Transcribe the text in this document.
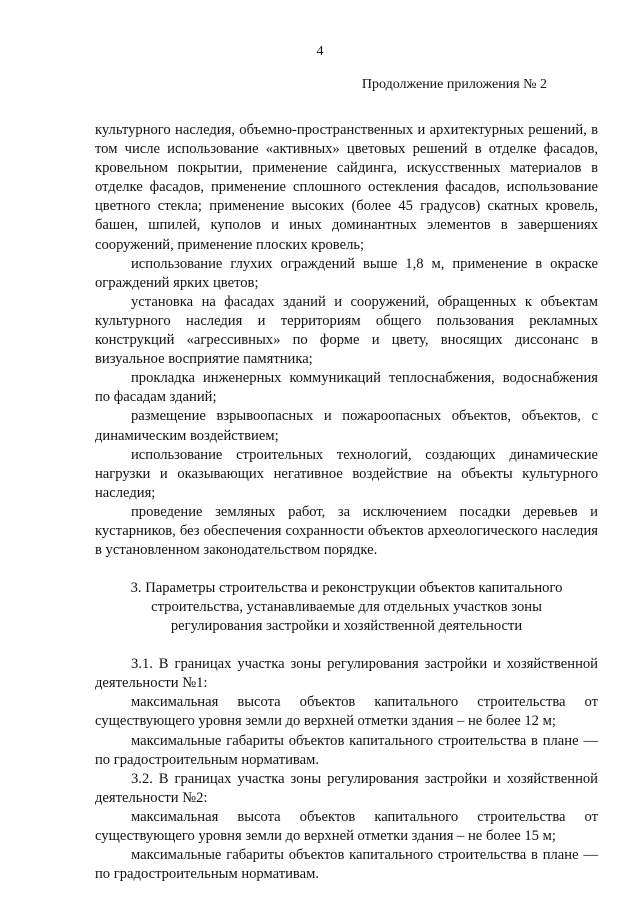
4
Продолжение приложения № 2

культурного наследия, объемно-пространственных и архитектурных решений, в том числе использование «активных» цветовых решений в отделке фасадов, кровельном покрытии, применение сайдинга, искусственных материалов в отделке фасадов, применение сплошного остекления фасадов, использование цветного стекла; применение высоких (более 45 градусов) скатных кровель, башен, шпилей, куполов и иных доминантных элементов в завершениях сооружений, применение плоских кровель;

использование глухих ограждений выше 1,8 м, применение в окраске ограждений ярких цветов;

установка на фасадах зданий и сооружений, обращенных к объектам культурного наследия и территориям общего пользования рекламных конструкций «агрессивных» по форме и цвету, вносящих диссонанс в визуальное восприятие памятника;

прокладка инженерных коммуникаций теплоснабжения, водоснабжения по фасадам зданий;

размещение взрывоопасных и пожароопасных объектов, объектов, с динамическим воздействием;

использование строительных технологий, создающих динамические нагрузки и оказывающих негативное воздействие на объекты культурного наследия;

проведение земляных работ, за исключением посадки деревьев и кустарников, без обеспечения сохранности объектов археологического наследия в установленном законодательством порядке.

3. Параметры строительства и реконструкции объектов капитального
строительства, устанавливаемые для отдельных участков зоны
регулирования застройки и хозяйственной деятельности

3.1. В границах участка зоны регулирования застройки и хозяйственной деятельности №1:

максимальная высота объектов капитального строительства от существующего уровня земли до верхней отметки здания – не более 12 м;

максимальные габариты объектов капитального строительства в плане — по градостроительным нормативам.

3.2. В границах участка зоны регулирования застройки и хозяйственной деятельности №2:

максимальная высота объектов капитального строительства от существующего уровня земли до верхней отметки здания – не более 15 м;

максимальные габариты объектов капитального строительства в плане — по градостроительным нормативам.
